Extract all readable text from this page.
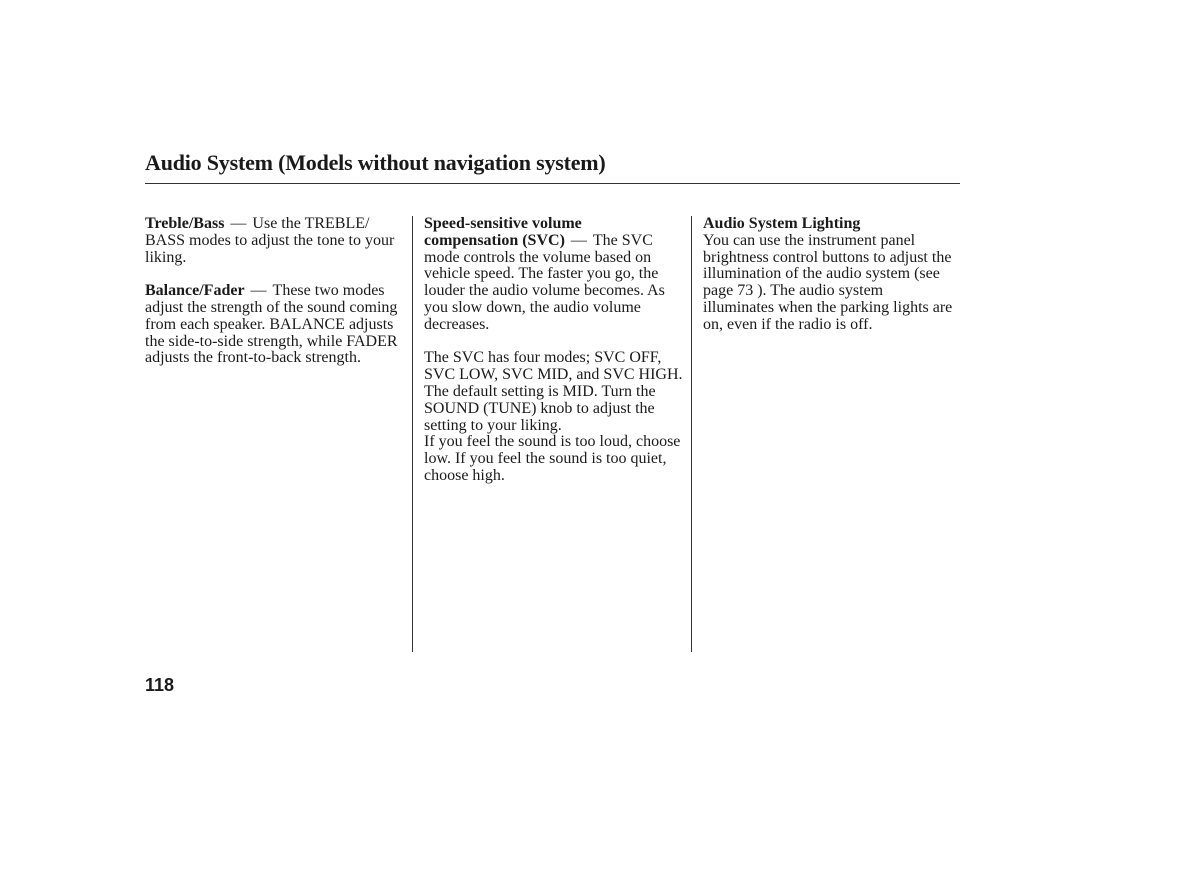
Audio System (Models without navigation system)

Treble/Bass — Use the TREBLE/ BASS modes to adjust the tone to your liking.

Balance/Fader — These two modes adjust the strength of the sound coming from each speaker. BALANCE adjusts the side-to-side strength, while FADER adjusts the front-to-back strength.

Speed-sensitive volume
compensation (SVC) — The SVC mode controls the volume based on vehicle speed. The faster you go, the louder the audio volume becomes. As you slow down, the audio volume decreases.

The SVC has four modes; SVC OFF, SVC LOW, SVC MID, and SVC HIGH. The default setting is MID. Turn the SOUND (TUNE) knob to adjust the setting to your liking.

If you feel the sound is too loud, choose low. If you feel the sound is too quiet, choose high.

Audio System Lighting
You can use the instrument panel brightness control buttons to adjust the illumination of the audio system (see page 73 ). The audio system illuminates when the parking lights are on, even if the radio is off.

118
